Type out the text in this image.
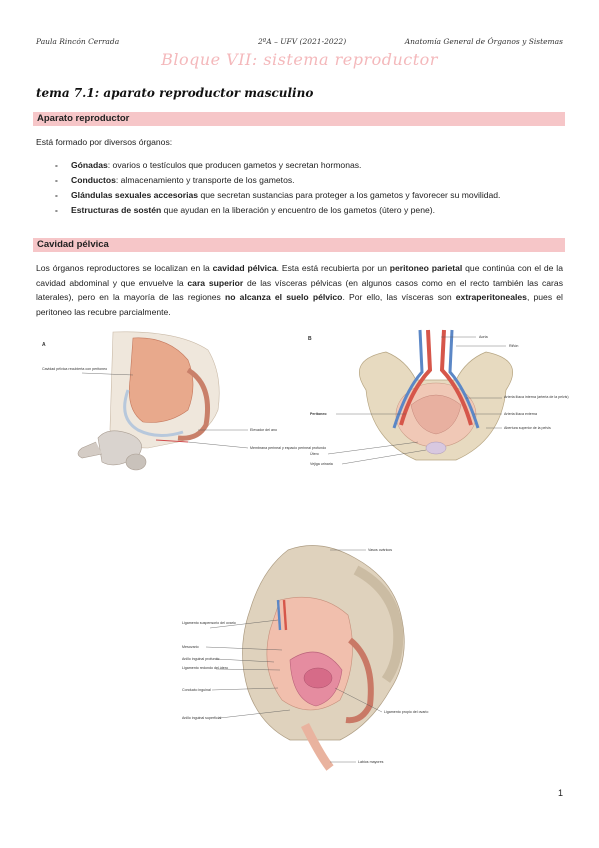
Paula Rincón Cerrada	2ºA – UFV (2021-2022)	Anatomía General de Órganos y Sistemas
Bloque VII: sistema reproductor
tema 7.1: aparato reproductor masculino
Aparato reproductor
Está formado por diversos órganos:
- Gónadas: ovarios o testículos que producen gametos y secretan hormonas.
- Conductos: almacenamiento y transporte de los gametos.
- Glándulas sexuales accesorias que secretan sustancias para proteger a los gametos y favorecer su movilidad.
- Estructuras de sostén que ayudan en la liberación y encuentro de los gametos (útero y pene).
Cavidad pélvica
Los órganos reproductores se localizan en la cavidad pélvica. Esta está recubierta por un peritoneo parietal que continúa con el de la cavidad abdominal y que envuelve la cara superior de las vísceras pélvicas (en algunos casos como en el recto también las caras laterales), pero en la mayoría de las regiones no alcanza el suelo pélvico. Por ello, las vísceras son extraperitoneales, pues el peritoneo las recubre parcialmente.
A
Cavidad pélvica recubierta con peritoneo
Elevador del ano
Membrana perineal y espacio perineal profundo
B	Aorta
Riñón
Arteria ilíaca interna (arteria de la pelvis)
Arteria ilíaca externa
Abertura superior de la pelvis
Peritoneo
Útero
Vejiga urinaria
Vasos ováricos
Ligamento suspensorio del ovario
Mesovario
Anillo inguinal profundo
Ligamento redondo del útero
Conducto inguinal
Anillo inguinal superficial
Ligamento propio del ovario
Labios mayores
1
